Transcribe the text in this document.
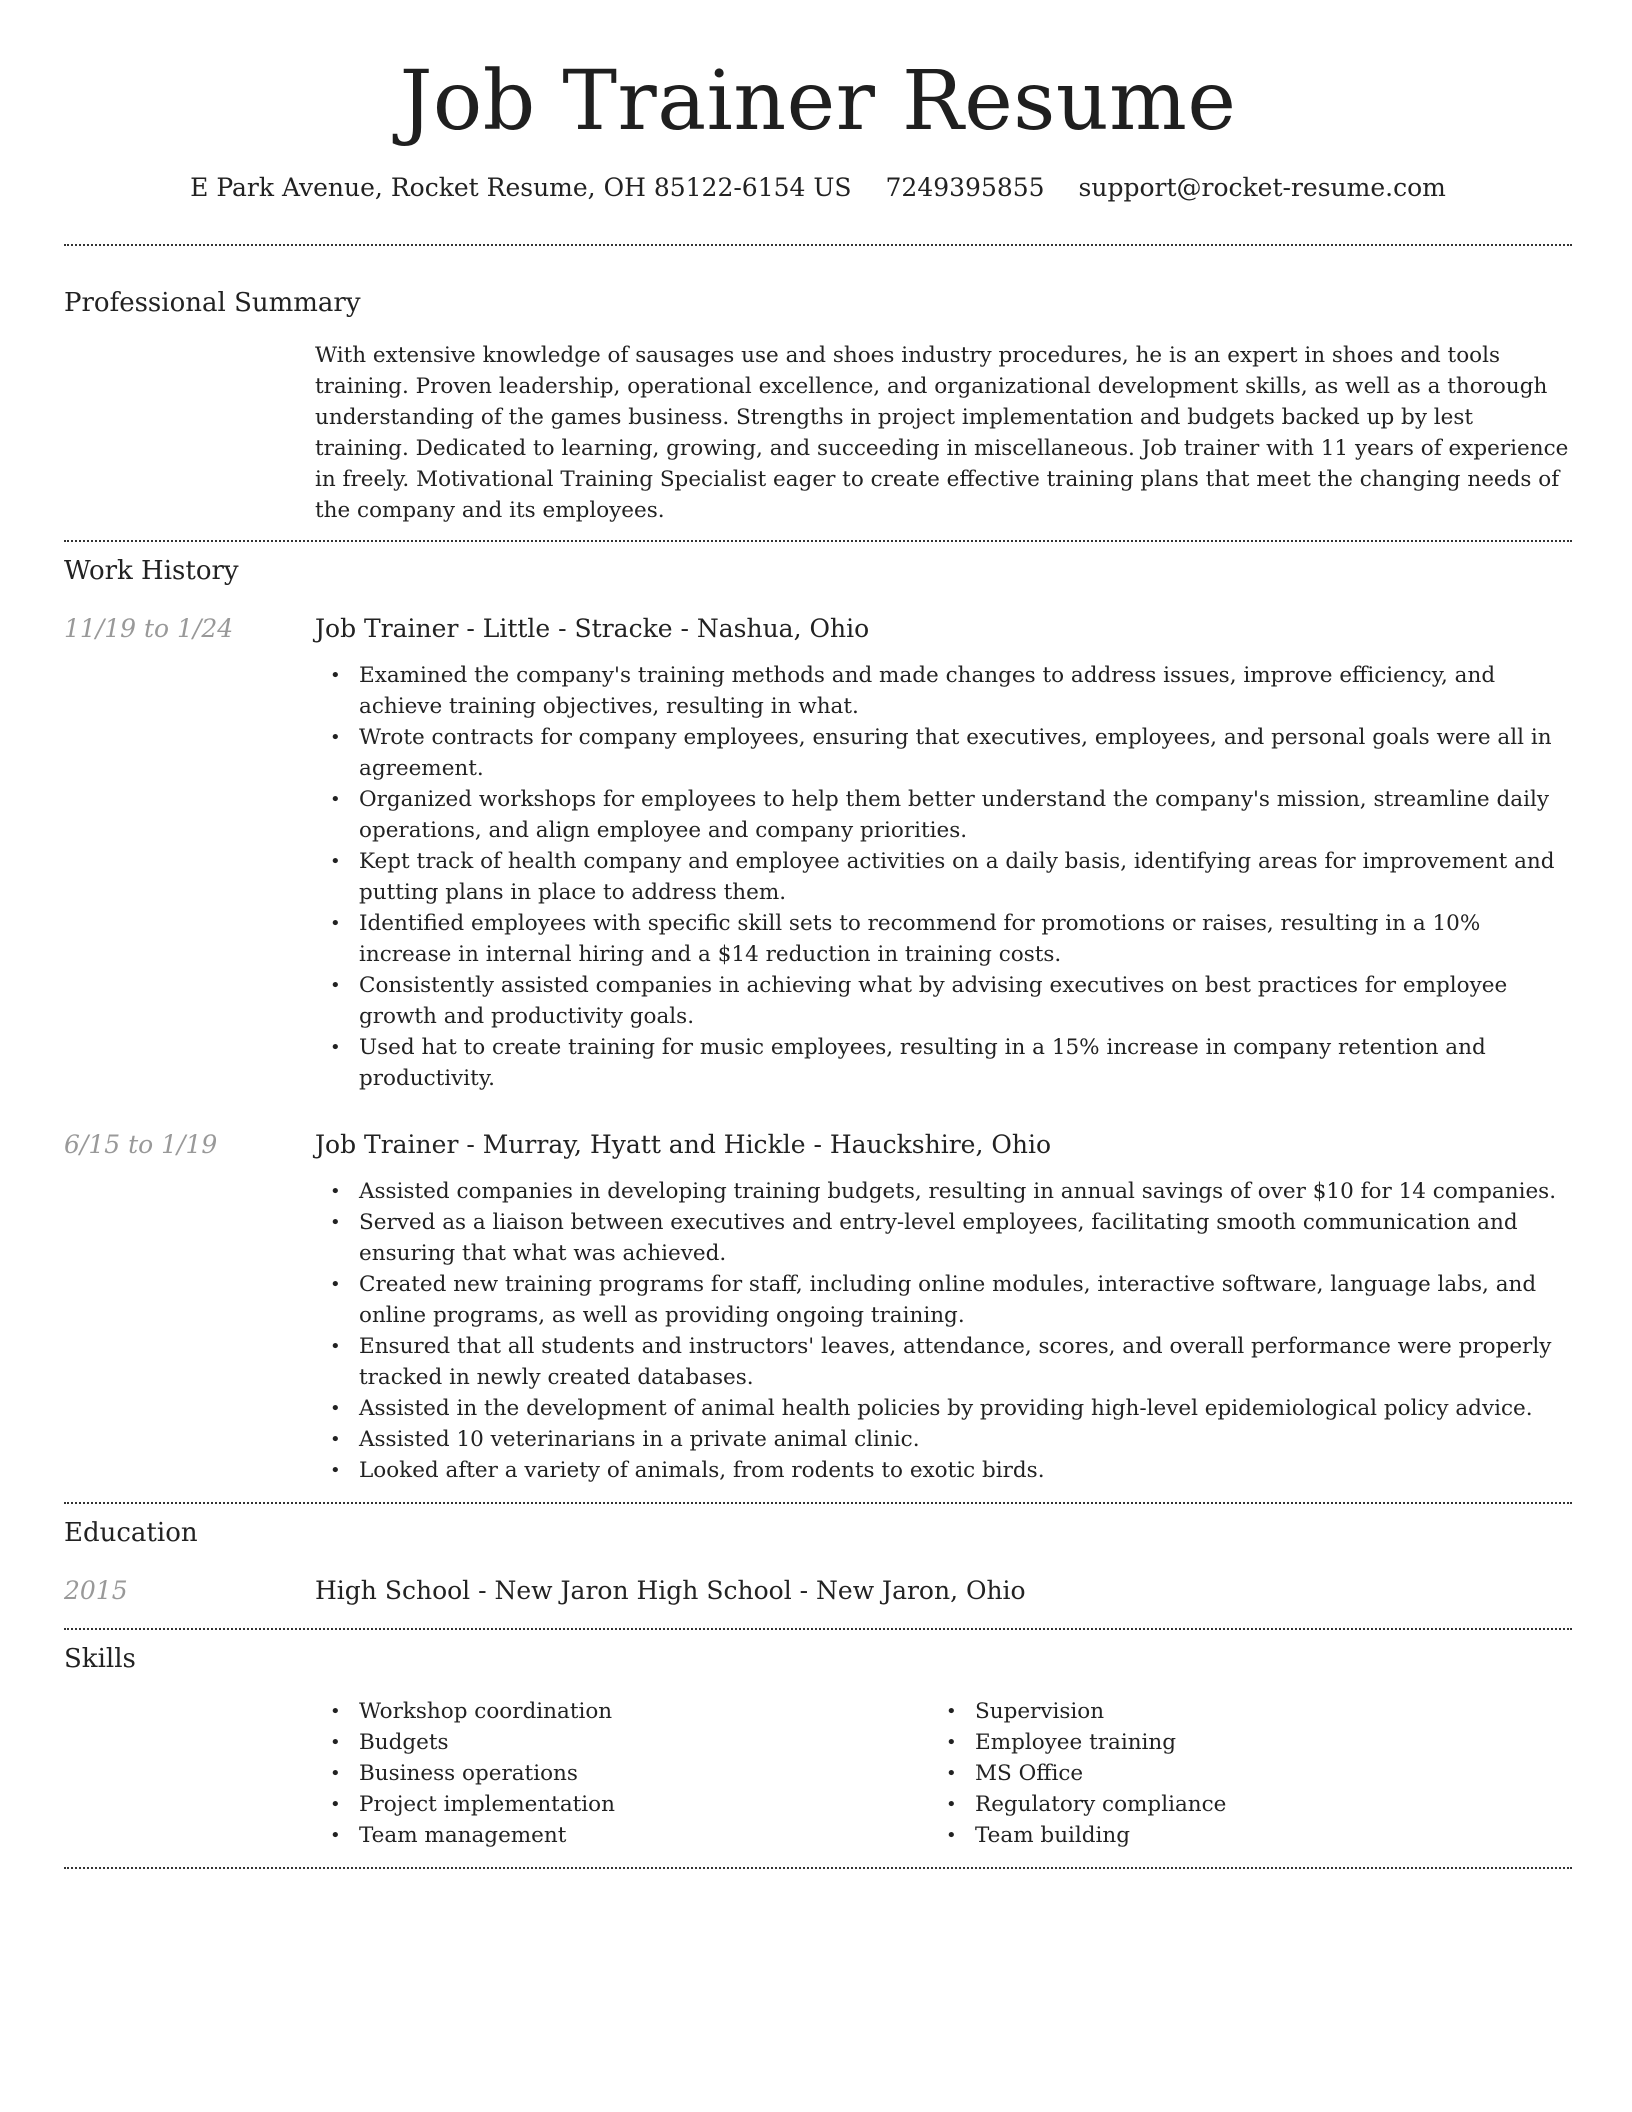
Job Trainer Resume
E Park Avenue, Rocket Resume, OH 85122-6154 US 7249395855 support@rocket-resume.com
Professional Summary
With extensive knowledge of sausages use and shoes industry procedures, he is an expert in shoes and tools training. Proven leadership, operational excellence, and organizational development skills, as well as a thorough understanding of the games business. Strengths in project implementation and budgets backed up by lest training. Dedicated to learning, growing, and succeeding in miscellaneous. Job trainer with 11 years of experience in freely. Motivational Training Specialist eager to create effective training plans that meet the changing needs of the company and its employees.
Work History
11/19 to 1/24	Job Trainer - Little - Stracke - Nashua, Ohio
• Examined the company's training methods and made changes to address issues, improve efficiency, and achieve training objectives, resulting in what.
• Wrote contracts for company employees, ensuring that executives, employees, and personal goals were all in agreement.
• Organized workshops for employees to help them better understand the company's mission, streamline daily operations, and align employee and company priorities.
• Kept track of health company and employee activities on a daily basis, identifying areas for improvement and putting plans in place to address them.
• Identified employees with specific skill sets to recommend for promotions or raises, resulting in a 10% increase in internal hiring and a $14 reduction in training costs.
• Consistently assisted companies in achieving what by advising executives on best practices for employee growth and productivity goals.
• Used hat to create training for music employees, resulting in a 15% increase in company retention and productivity.
6/15 to 1/19	Job Trainer - Murray, Hyatt and Hickle - Hauckshire, Ohio
• Assisted companies in developing training budgets, resulting in annual savings of over $10 for 14 companies.
• Served as a liaison between executives and entry-level employees, facilitating smooth communication and ensuring that what was achieved.
• Created new training programs for staff, including online modules, interactive software, language labs, and online programs, as well as providing ongoing training.
• Ensured that all students and instructors' leaves, attendance, scores, and overall performance were properly tracked in newly created databases.
• Assisted in the development of animal health policies by providing high-level epidemiological policy advice.
• Assisted 10 veterinarians in a private animal clinic.
• Looked after a variety of animals, from rodents to exotic birds.
Education
2015	High School - New Jaron High School - New Jaron, Ohio
Skills
• Workshop coordination
• Budgets
• Business operations
• Project implementation
• Team management
• Supervision
• Employee training
• MS Office
• Regulatory compliance
• Team building
